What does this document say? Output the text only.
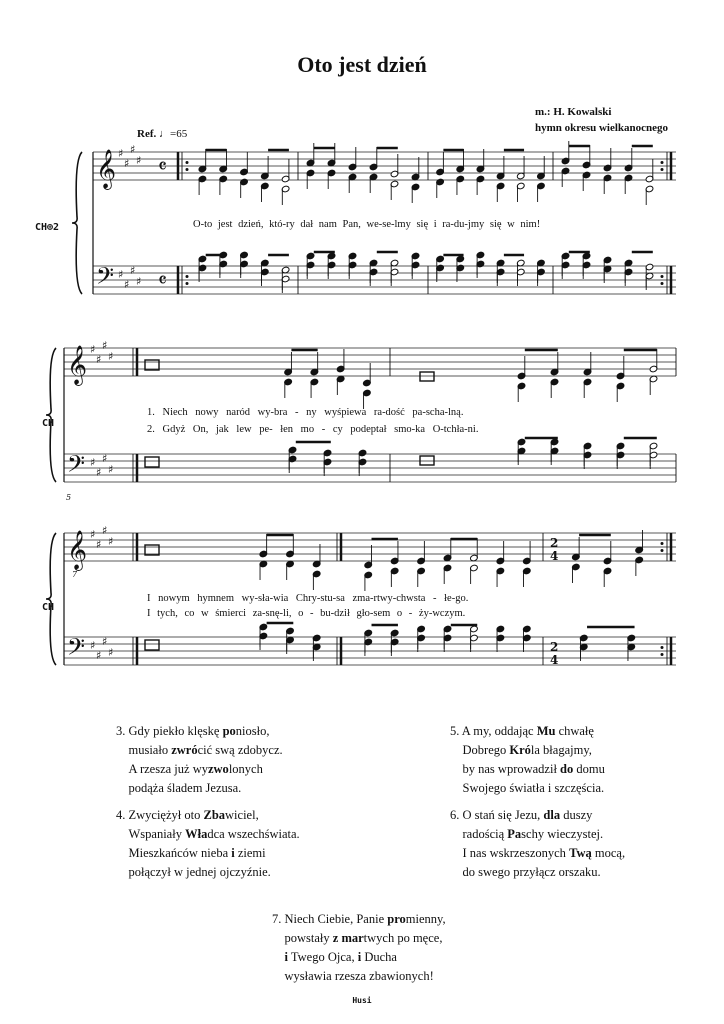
Oto jest dzień
m.: H. Kowalski
hymn okresu wielkanocnego
Ref. ♩=65
CH⊕2
CH
CH
O-to jest dzień, któ-ry dał nam Pan, we-se-lmy się i ra-du-jmy się w nim!
1. Niech nowy naród wy-bra - ny wyśpiewa ra-dość pa-scha-lną.
2. Gdyż On, jak lew pe- łen mo - cy podeptał smo-ka O-tchła-ni.
I nowym hymnem wy-sła-wia Chry-stu-sa zma-rtwy-chwsta - łe-go.
I tych, co w śmierci za-snę-li, o - bu-dził gło-sem o - ży-wczym.
𝄞
𝄢
♯
♯
♯
♯
♯
♯
♯
♯
𝄴
𝄴
𝄞
𝄢
♯
♯
♯
♯
♯
♯
♯
♯
5
𝄞
𝄢
♯
♯
♯
♯
♯
♯
♯
♯
7
2
4
2
4
3. Gdy piekło klęskę poniosło,
musiało zwrócić swą zdobycz.
A rzesza już wyzwolonych
podąża śladem Jezusa.
4. Zwyciężył oto Zbawiciel,
Wspaniały Władca wszechświata.
Mieszkańców nieba i ziemi
połączył w jednej ojczyźnie.
5. A my, oddając Mu chwałę
Dobrego Króla błagajmy,
by nas wprowadził do domu
Swojego światła i szczęścia.
6. O stań się Jezu, dla duszy
radością Paschy wieczystej.
I nas wskrzeszonych Twą mocą,
do swego przyłącz orszaku.
7. Niech Ciebie, Panie promienny,
powstały z martwych po męce,
i Twego Ojca, i Ducha
wysławia rzesza zbawionych!
Husi
